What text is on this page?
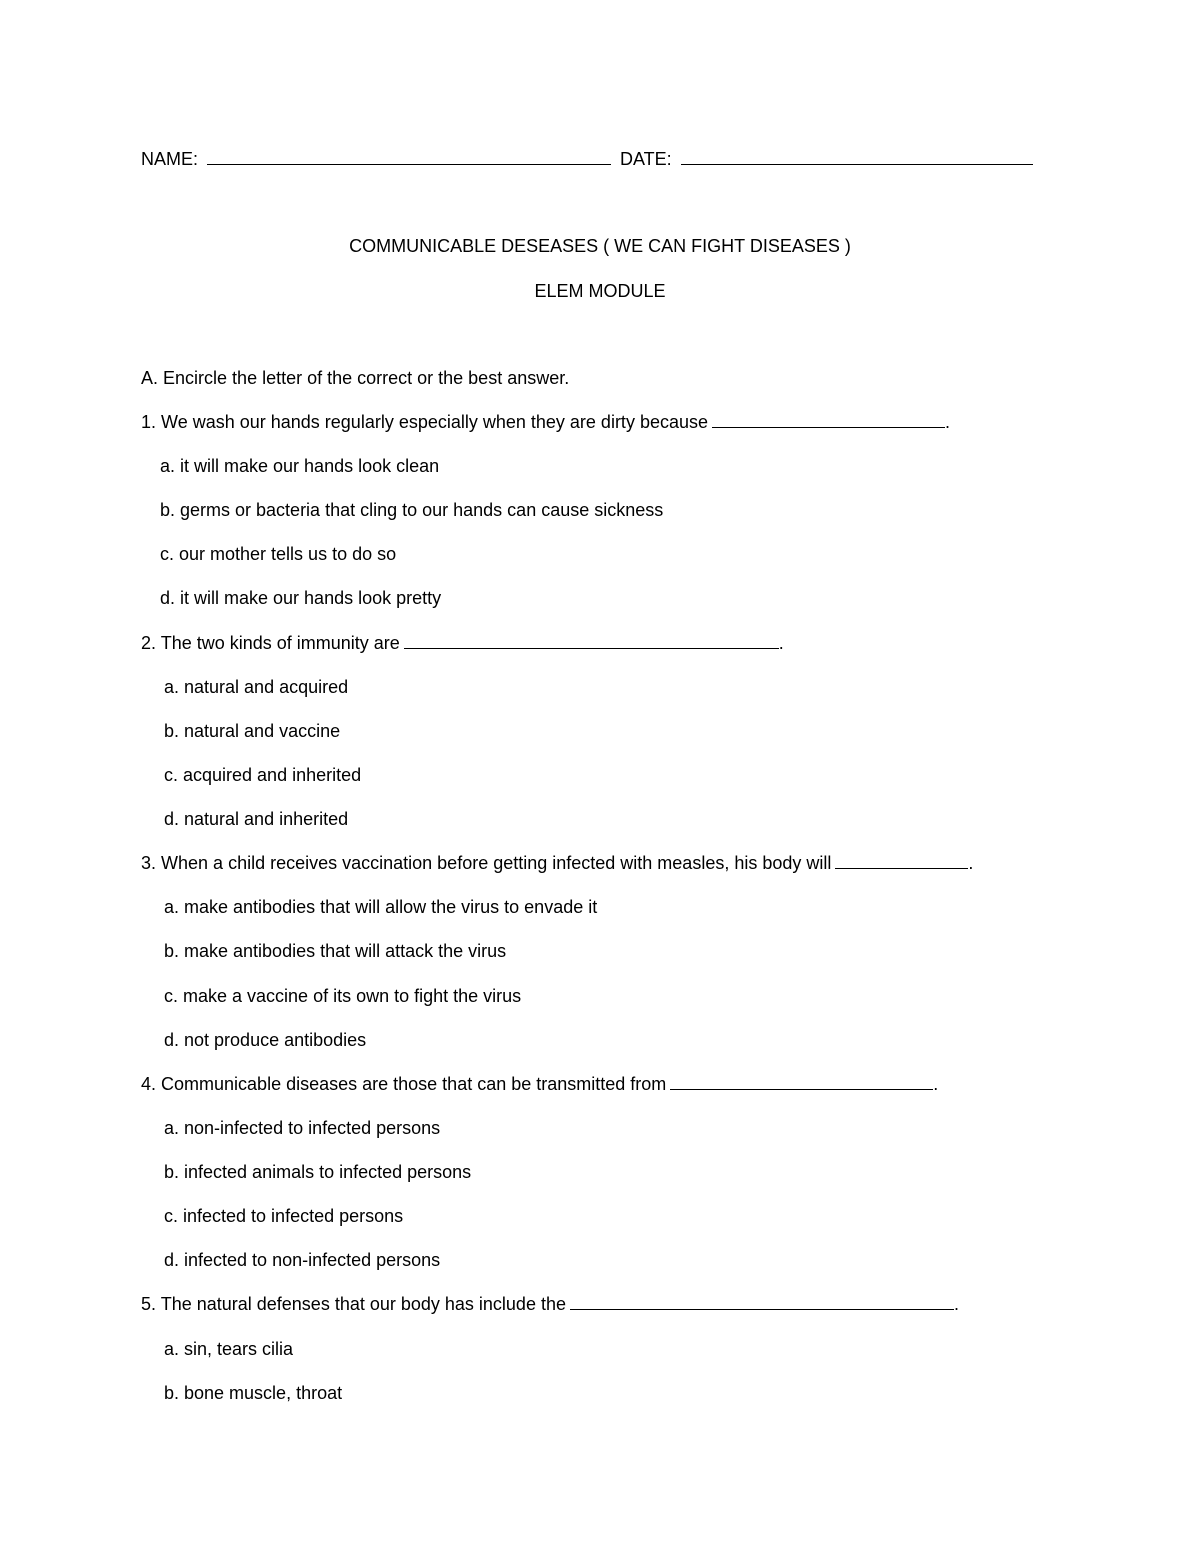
NAME:	DATE:
COMMUNICABLE DESEASES ( WE CAN FIGHT DISEASES )
ELEM MODULE
A. Encircle the letter of the correct or the best answer.
1. We wash our hands regularly especially when they are dirty because	.
a. it will make our hands look clean
b. germs or bacteria that cling to our hands can cause sickness
c. our mother tells us to do so
d. it will make our hands look pretty
2. The two kinds of immunity are	.
a. natural and acquired
b. natural and vaccine
c. acquired and inherited
d. natural and inherited
3. When a child receives vaccination before getting infected with measles, his body will	.
a. make antibodies that will allow the virus to envade it
b. make antibodies that will attack the virus
c. make a vaccine of its own to fight the virus
d. not produce antibodies
4. Communicable diseases are those that can be transmitted from	.
a. non-infected to infected persons
b. infected animals to infected persons
c. infected to infected persons
d. infected to non-infected persons
5. The natural defenses that our body has include the	.
a. sin, tears cilia
b. bone muscle, throat
